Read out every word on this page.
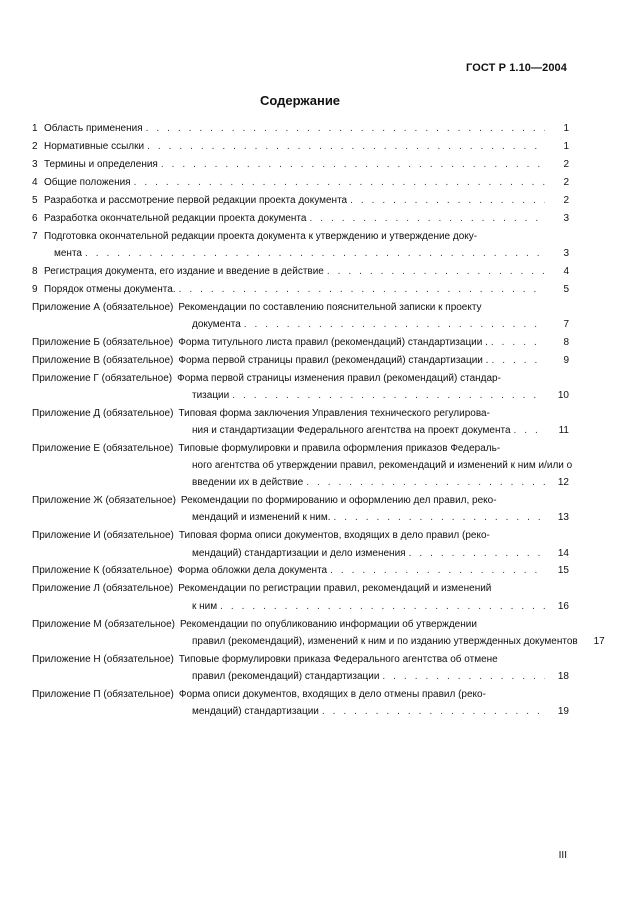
ГОСТ Р 1.10—2004
Содержание
1 Область применения . . .	1
2 Нормативные ссылки . . .	1
3 Термины и определения . . .	2
4 Общие положения . . .	2
5 Разработка и рассмотрение первой редакции проекта документа . . .	2
6 Разработка окончательной редакции проекта документа . . .	3
7 Подготовка окончательной редакции проекта документа к утверждению и утверждение доку-
мента . . .	3
8 Регистрация документа, его издание и введение в действие . . .	4
9 Порядок отмены документа. . . .	5
Приложение А (обязательное) Рекомендации по составлению пояснительной записки к проекту
документа . . .	7
Приложение Б (обязательное) Форма титульного листа правил (рекомендаций) стандартизации . . . .	8
Приложение В (обязательное) Форма первой страницы правил (рекомендаций) стандартизации . . . .	9
Приложение Г (обязательное) Форма первой страницы изменения правил (рекомендаций) стандар-
тизации . . .	10
Приложение Д (обязательное) Типовая форма заключения Управления технического регулирова-
ния и стандартизации Федерального агентства на проект документа . . .	11
Приложение Е (обязательное) Типовые формулировки и правила оформления приказов Федераль-
ного агентства об утверждении правил, рекомендаций и изменений к ним и/или о
введении их в действие . . .	12
Приложение Ж (обязательное) Рекомендации по формированию и оформлению дел правил, реко-
мендаций и изменений к ним. . . .	13
Приложение И (обязательное) Типовая форма описи документов, входящих в дело правил (реко-
мендаций) стандартизации и дело изменения . . .	14
Приложение К (обязательное) Форма обложки дела документа . . .	15
Приложение Л (обязательное) Рекомендации по регистрации правил, рекомендаций и изменений
к ним . . .	16
Приложение М (обязательное) Рекомендации по опубликованию информации об утверждении
правил (рекомендаций), изменений к ним и по изданию утвержденных документов	17
Приложение Н (обязательное) Типовые формулировки приказа Федерального агентства об отмене
правил (рекомендаций) стандартизации . . .	18
Приложение П (обязательное) Форма описи документов, входящих в дело отмены правил (реко-
мендаций) стандартизации . . .	19
III
